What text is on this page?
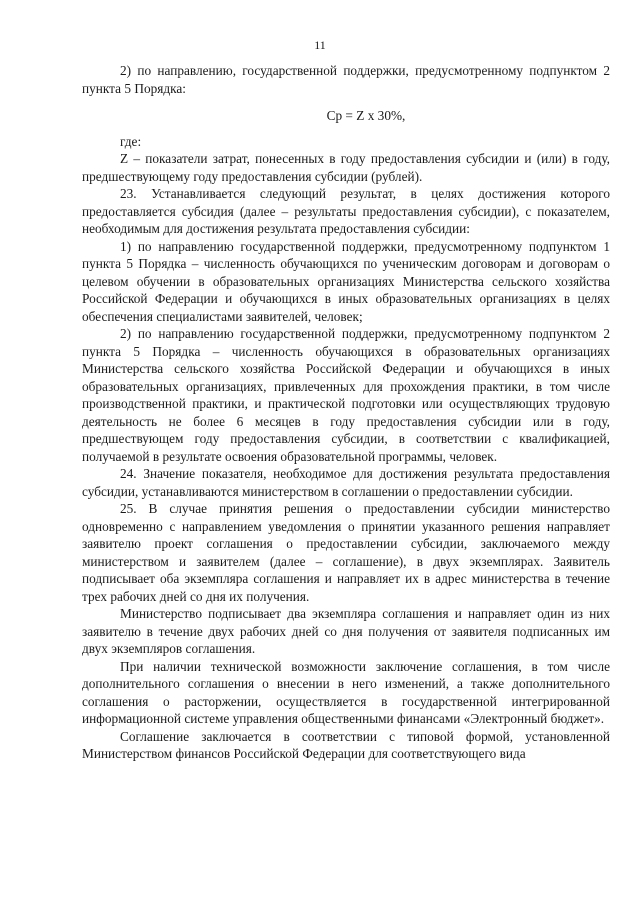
11

2) по направлению, государственной поддержки, предусмотренному подпунктом 2 пункта 5 Порядка:

Ср = Z x 30%,

где:

Z – показатели затрат, понесенных в году предоставления субсидии и (или) в году, предшествующему году предоставления субсидии (рублей).

23. Устанавливается следующий результат, в целях достижения которого предоставляется субсидия (далее – результаты предоставления субсидии), с показателем, необходимым для достижения результата предоставления субсидии:

1) по направлению государственной поддержки, предусмотренному подпунктом 1 пункта 5 Порядка – численность обучающихся по ученическим договорам и договорам о целевом обучении в образовательных организациях Министерства сельского хозяйства Российской Федерации и обучающихся в иных образовательных организациях в целях обеспечения специалистами заявителей, человек;

2) по направлению государственной поддержки, предусмотренному подпунктом 2 пункта 5 Порядка – численность обучающихся в образовательных организациях Министерства сельского хозяйства Российской Федерации и обучающихся в иных образовательных организациях, привлеченных для прохождения практики, в том числе производственной практики, и практической подготовки или осуществляющих трудовую деятельность не более 6 месяцев в году предоставления субсидии или в году, предшествующем году предоставления субсидии, в соответствии с квалификацией, получаемой в результате освоения образовательной программы, человек.

24. Значение показателя, необходимое для достижения результата предоставления субсидии, устанавливаются министерством в соглашении о предоставлении субсидии.

25. В случае принятия решения о предоставлении субсидии министерство одновременно с направлением уведомления о принятии указанного решения направляет заявителю проект соглашения о предоставлении субсидии, заключаемого между министерством и заявителем (далее – соглашение), в двух экземплярах. Заявитель подписывает оба экземпляра соглашения и направляет их в адрес министерства в течение трех рабочих дней со дня их получения.

Министерство подписывает два экземпляра соглашения и направляет один из них заявителю в течение двух рабочих дней со дня получения от заявителя подписанных им двух экземпляров соглашения.

При наличии технической возможности заключение соглашения, в том числе дополнительного соглашения о внесении в него изменений, а также дополнительного соглашения о расторжении, осуществляется в государственной интегрированной информационной системе управления общественными финансами «Электронный бюджет».

Соглашение заключается в соответствии с типовой формой, установленной Министерством финансов Российской Федерации для соответствующего вида
